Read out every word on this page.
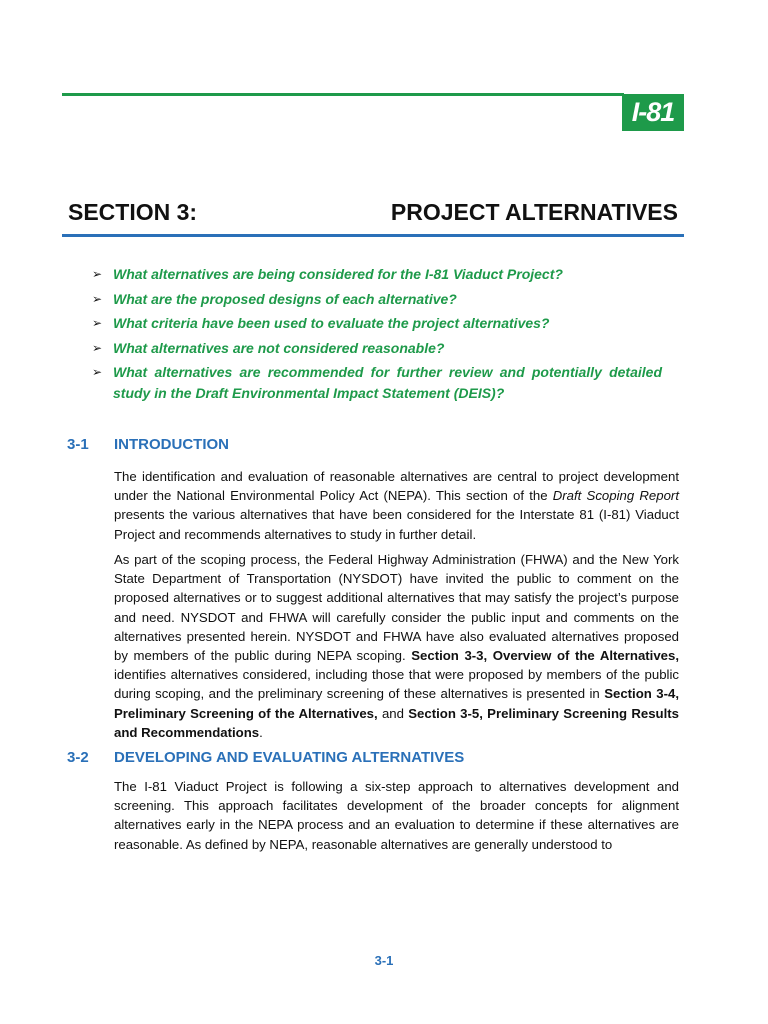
I-81
SECTION 3:	PROJECT ALTERNATIVES
➢ What alternatives are being considered for the I-81 Viaduct Project?
➢ What are the proposed designs of each alternative?
➢ What criteria have been used to evaluate the project alternatives?
➢ What alternatives are not considered reasonable?
➢ What alternatives are recommended for further review and potentially detailed study in the Draft Environmental Impact Statement (DEIS)?
3-1	INTRODUCTION

The identification and evaluation of reasonable alternatives are central to project development under the National Environmental Policy Act (NEPA). This section of the Draft Scoping Report presents the various alternatives that have been considered for the Interstate 81 (I-81) Viaduct Project and recommends alternatives to study in further detail.

As part of the scoping process, the Federal Highway Administration (FHWA) and the New York State Department of Transportation (NYSDOT) have invited the public to comment on the proposed alternatives or to suggest additional alternatives that may satisfy the project’s purpose and need. NYSDOT and FHWA will carefully consider the public input and comments on the alternatives presented herein. NYSDOT and FHWA have also evaluated alternatives proposed by members of the public during NEPA scoping. Section 3-3, Overview of the Alternatives, identifies alternatives considered, including those that were proposed by members of the public during scoping, and the preliminary screening of these alternatives is presented in Section 3-4, Preliminary Screening of the Alternatives, and Section 3-5, Preliminary Screening Results and Recommendations.

3-2	DEVELOPING AND EVALUATING ALTERNATIVES

The I-81 Viaduct Project is following a six-step approach to alternatives development and screening. This approach facilitates development of the broader concepts for alignment alternatives early in the NEPA process and an evaluation to determine if these alternatives are reasonable. As defined by NEPA, reasonable alternatives are generally understood to

3-1
